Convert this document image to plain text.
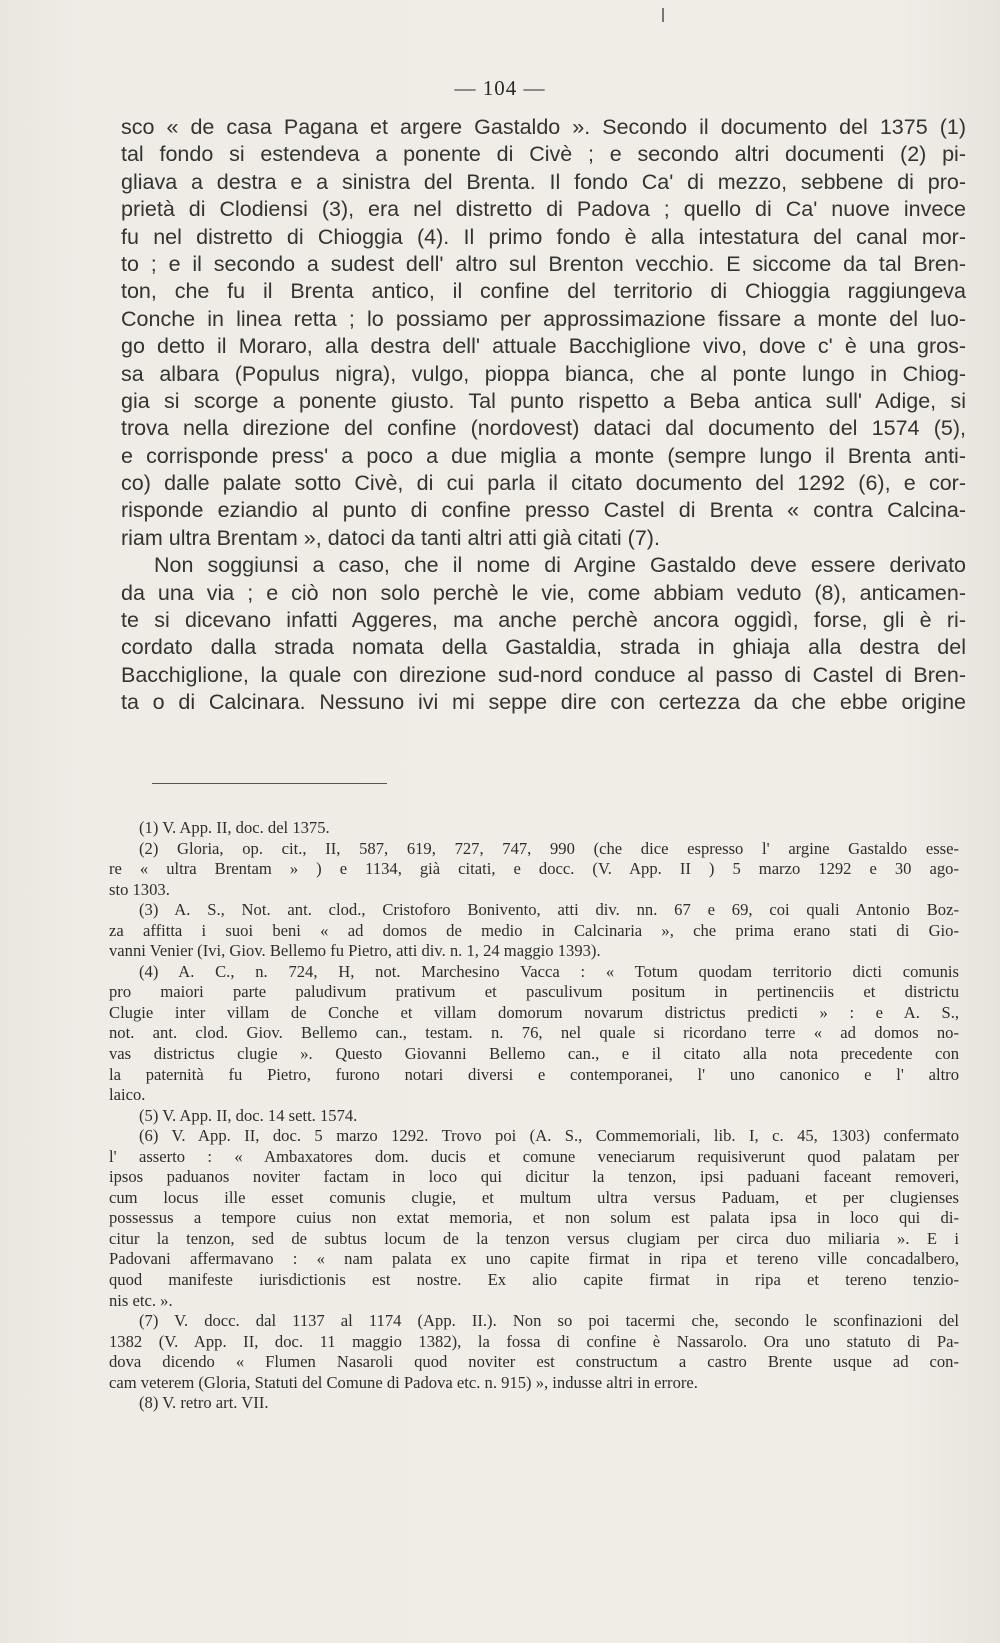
— 104 —
sco « de casa Pagana et argere Gastaldo ». Secondo il documento del 1375 (1)
tal fondo si estendeva a ponente di Civè ; e secondo altri documenti (2) pi-
gliava a destra e a sinistra del Brenta. Il fondo Ca' di mezzo, sebbene di pro-
prietà di Clodiensi (3), era nel distretto di Padova ; quello di Ca' nuove invece
fu nel distretto di Chioggia (4). Il primo fondo è alla intestatura del canal mor-
to ; e il secondo a sudest dell' altro sul Brenton vecchio. E siccome da tal Bren-
ton, che fu il Brenta antico, il confine del territorio di Chioggia raggiungeva
Conche in linea retta ; lo possiamo per approssimazione fissare a monte del luo-
go detto il Moraro, alla destra dell' attuale Bacchiglione vivo, dove c' è una gros-
sa albara (Populus nigra), vulgo, pioppa bianca, che al ponte lungo in Chiog-
gia si scorge a ponente giusto. Tal punto rispetto a Beba antica sull' Adige, si
trova nella direzione del confine (nordovest) dataci dal documento del 1574 (5),
e corrisponde press' a poco a due miglia a monte (sempre lungo il Brenta anti-
co) dalle palate sotto Civè, di cui parla il citato documento del 1292 (6), e cor-
risponde eziandio al punto di confine presso Castel di Brenta « contra Calcina-
riam ultra Brentam », datoci da tanti altri atti già citati (7).
Non soggiunsi a caso, che il nome di Argine Gastaldo deve essere derivato
da una via ; e ciò non solo perchè le vie, come abbiam veduto (8), anticamen-
te si dicevano infatti Aggeres, ma anche perchè ancora oggidì, forse, gli è ri-
cordato dalla strada nomata della Gastaldia, strada in ghiaja alla destra del
Bacchiglione, la quale con direzione sud-nord conduce al passo di Castel di Bren-
ta o di Calcinara. Nessuno ivi mi seppe dire con certezza da che ebbe origine
(1) V. App. II, doc. del 1375.
(2) Gloria, op. cit., II, 587, 619, 727, 747, 990 (che dice espresso l' argine Gastaldo esse-
re « ultra Brentam » ) e 1134, già citati, e docc. (V. App. II ) 5 marzo 1292 e 30 ago-
sto 1303.
(3) A. S., Not. ant. clod., Cristoforo Bonivento, atti div. nn. 67 e 69, coi quali Antonio Boz-
za affitta i suoi beni « ad domos de medio in Calcinaria », che prima erano stati di Gio-
vanni Venier (Ivi, Giov. Bellemo fu Pietro, atti div. n. 1, 24 maggio 1393).
(4) A. C., n. 724, H, not. Marchesino Vacca : « Totum quodam territorio dicti comunis
pro maiori parte paludivum prativum et pasculivum positum in pertinenciis et districtu
Clugie inter villam de Conche et villam domorum novarum districtus predicti » : e A. S.,
not. ant. clod. Giov. Bellemo can., testam. n. 76, nel quale si ricordano terre « ad domos no-
vas districtus clugie ». Questo Giovanni Bellemo can., e il citato alla nota precedente con
la paternità fu Pietro, furono notari diversi e contemporanei, l' uno canonico e l' altro
laico.
(5) V. App. II, doc. 14 sett. 1574.
(6) V. App. II, doc. 5 marzo 1292. Trovo poi (A. S., Commemoriali, lib. I, c. 45, 1303) confermato
l' asserto : « Ambaxatores dom. ducis et comune veneciarum requisiverunt quod palatam per
ipsos paduanos noviter factam in loco qui dicitur la tenzon, ipsi paduani faceant removeri,
cum locus ille esset comunis clugie, et multum ultra versus Paduam, et per clugienses
possessus a tempore cuius non extat memoria, et non solum est palata ipsa in loco qui di-
citur la tenzon, sed de subtus locum de la tenzon versus clugiam per circa duo miliaria ». E i
Padovani affermavano : « nam palata ex uno capite firmat in ripa et tereno ville concadalbero,
quod manifeste iurisdictionis est nostre. Ex alio capite firmat in ripa et tereno tenzio-
nis etc. ».
(7) V. docc. dal 1137 al 1174 (App. II.). Non so poi tacermi che, secondo le sconfinazioni del
1382 (V. App. II, doc. 11 maggio 1382), la fossa di confine è Nassarolo. Ora uno statuto di Pa-
dova dicendo « Flumen Nasaroli quod noviter est constructum a castro Brente usque ad con-
cam veterem (Gloria, Statuti del Comune di Padova etc. n. 915) », indusse altri in errore.
(8) V. retro art. VII.
